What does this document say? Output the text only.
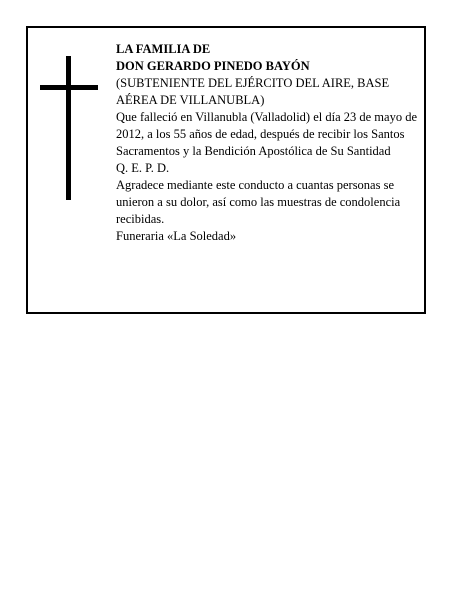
LA FAMILIA DE

DON GERARDO PINEDO BAYÓN

(SUBTENIENTE DEL EJÉRCITO DEL AIRE, BASE AÉREA DE VILLANUBLA)

Que falleció en Villanubla (Valladolid) el día 23 de mayo de 2012, a los 55 años de edad, después de recibir los Santos Sacramentos y la Bendición Apostólica de Su Santidad

Q. E. P. D.

Agradece mediante este conducto a cuantas personas se unieron a su dolor, así como las muestras de condolencia recibidas.

Funeraria «La Soledad»
